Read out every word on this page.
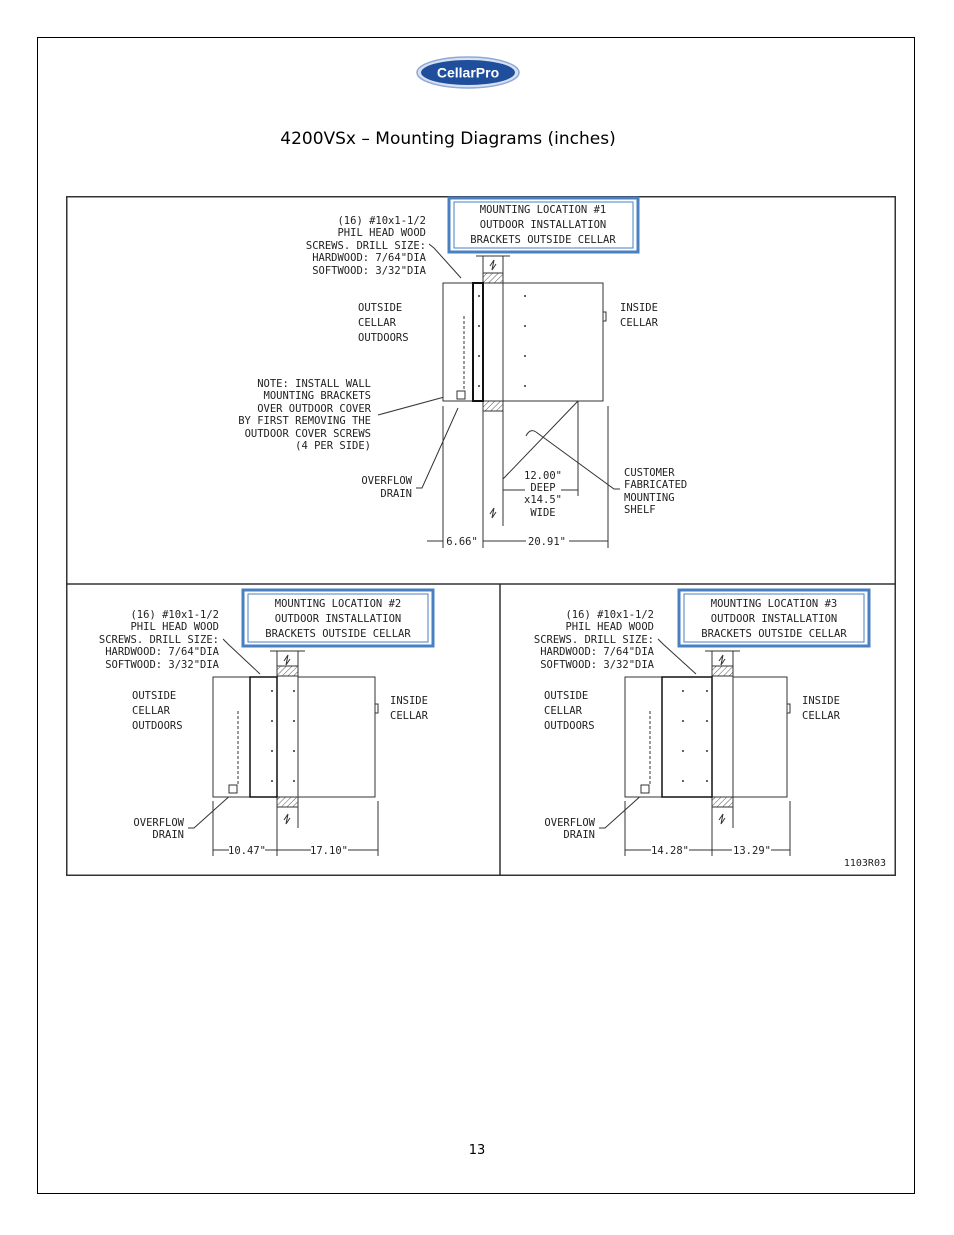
CellarPro
4200VSx – Mounting Diagrams (inches)
MOUNTING LOCATION #1
OUTDOOR INSTALLATION
BRACKETS OUTSIDE CELLAR
(16) #10x1-1/2
PHIL HEAD WOOD
SCREWS. DRILL SIZE:
HARDWOOD: 7/64"DIA
SOFTWOOD: 3/32"DIA
OUTSIDE
CELLAR
OUTDOORS
INSIDE
CELLAR
NOTE: INSTALL WALL
MOUNTING BRACKETS
OVER OUTDOOR COVER
BY FIRST REMOVING THE
OUTDOOR COVER SCREWS
(4 PER SIDE)
OVERFLOW
DRAIN
12.00"
DEEP
x14.5"
WIDE
CUSTOMER
FABRICATED
MOUNTING
SHELF
6.66"	20.91"
MOUNTING LOCATION #2
OUTDOOR INSTALLATION
BRACKETS OUTSIDE CELLAR
(16) #10x1-1/2
PHIL HEAD WOOD
SCREWS. DRILL SIZE:
HARDWOOD: 7/64"DIA
SOFTWOOD: 3/32"DIA
OUTSIDE
CELLAR
OUTDOORS
INSIDE
CELLAR
OVERFLOW
DRAIN
10.47"	17.10"
MOUNTING LOCATION #3
OUTDOOR INSTALLATION
BRACKETS OUTSIDE CELLAR
(16) #10x1-1/2
PHIL HEAD WOOD
SCREWS. DRILL SIZE:
HARDWOOD: 7/64"DIA
SOFTWOOD: 3/32"DIA
OUTSIDE
CELLAR
OUTDOORS
INSIDE
CELLAR
OVERFLOW
DRAIN
14.28"	13.29"
1103R03
13
